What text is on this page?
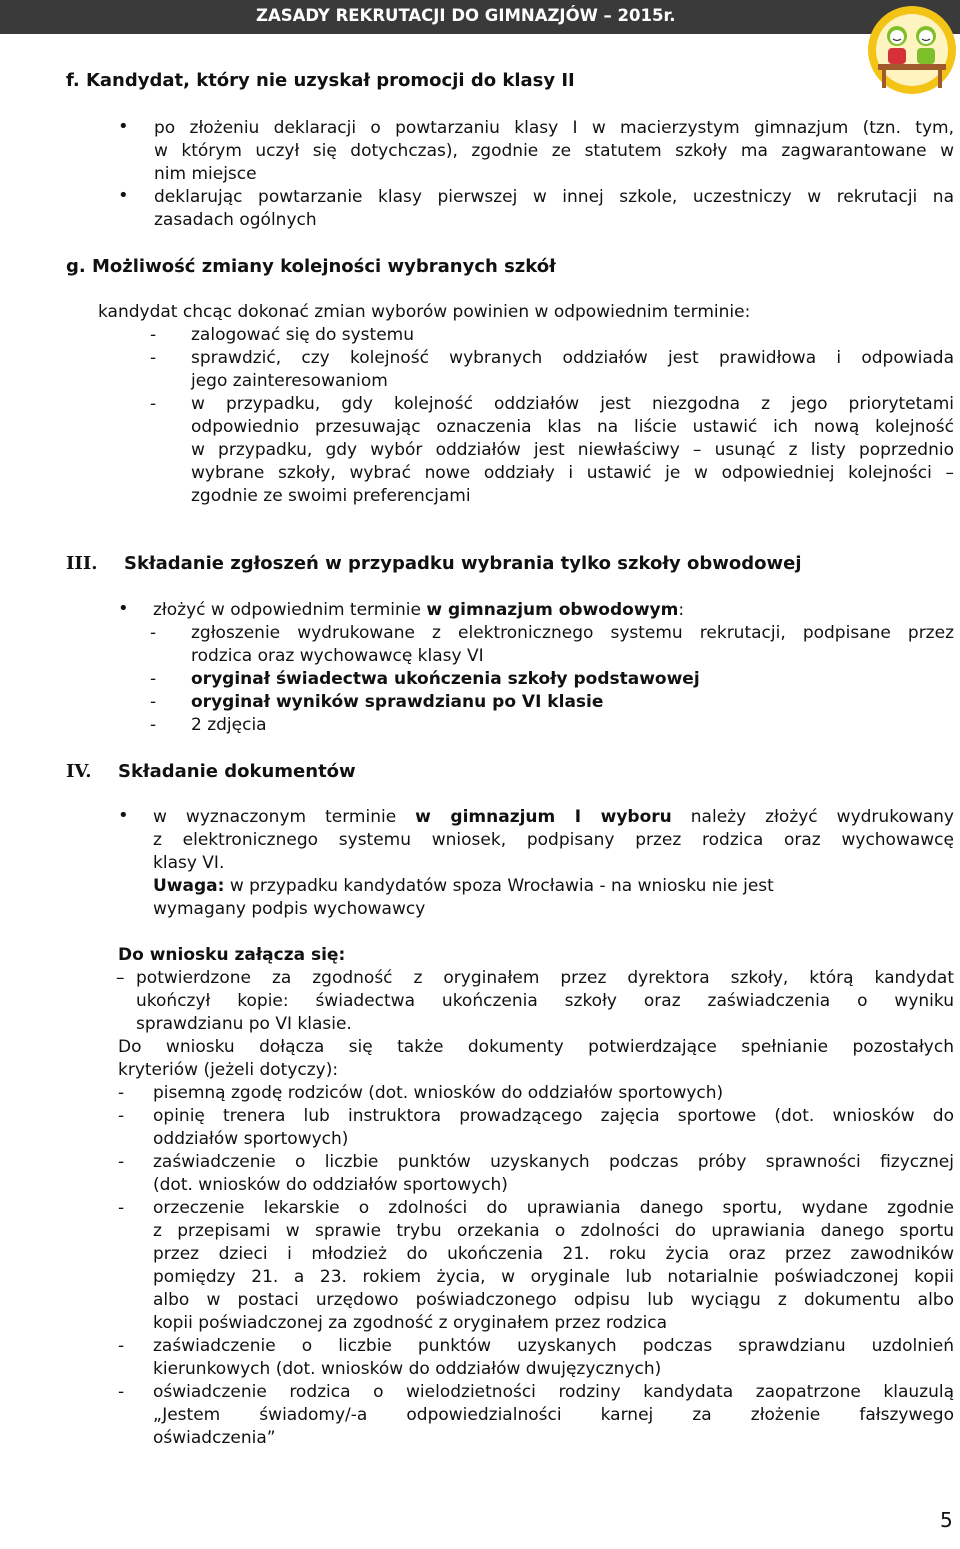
ZASADY REKRUTACJI DO GIMNAZJÓW – 2015r.
f. Kandydat, który nie uzyskał promocji do klasy II
• po złożeniu deklaracji o powtarzaniu klasy I w macierzystym gimnazjum (tzn. tym,
w którym uczył się dotychczas), zgodnie ze statutem szkoły ma zagwarantowane w
nim miejsce
• deklarując powtarzanie klasy pierwszej w innej szkole, uczestniczy w rekrutacji na
zasadach ogólnych
g. Możliwość zmiany kolejności wybranych szkół
kandydat chcąc dokonać zmian wyborów powinien w odpowiednim terminie:
- zalogować się do systemu
- sprawdzić, czy kolejność wybranych oddziałów jest prawidłowa i odpowiada
jego zainteresowaniom
- w przypadku, gdy kolejność oddziałów jest niezgodna z jego priorytetami
odpowiednio przesuwając oznaczenia klas na liście ustawić ich nową kolejność
w przypadku, gdy wybór oddziałów jest niewłaściwy – usunąć z listy poprzednio
wybrane szkoły, wybrać nowe oddziały i ustawić je w odpowiedniej kolejności –
zgodnie ze swoimi preferencjami
III. Składanie zgłoszeń w przypadku wybrania tylko szkoły obwodowej
• złożyć w odpowiednim terminie w gimnazjum obwodowym:
- zgłoszenie wydrukowane z elektronicznego systemu rekrutacji, podpisane przez
rodzica oraz wychowawcę klasy VI
- oryginał świadectwa ukończenia szkoły podstawowej
- oryginał wyników sprawdzianu po VI klasie
- 2 zdjęcia
IV. Składanie dokumentów
• w wyznaczonym terminie w gimnazjum I wyboru należy złożyć wydrukowany
z elektronicznego systemu wniosek, podpisany przez rodzica oraz wychowawcę
klasy VI.
Uwaga: w przypadku kandydatów spoza Wrocławia - na wniosku nie jest
wymagany podpis wychowawcy
Do wniosku załącza się:
– potwierdzone za zgodność z oryginałem przez dyrektora szkoły, którą kandydat
ukończył kopie: świadectwa ukończenia szkoły oraz zaświadczenia o wyniku
sprawdzianu po VI klasie.
Do wniosku dołącza się także dokumenty potwierdzające spełnianie pozostałych
kryteriów (jeżeli dotyczy):
- pisemną zgodę rodziców (dot. wniosków do oddziałów sportowych)
- opinię trenera lub instruktora prowadzącego zajęcia sportowe (dot. wniosków do
oddziałów sportowych)
- zaświadczenie o liczbie punktów uzyskanych podczas próby sprawności fizycznej
(dot. wniosków do oddziałów sportowych)
- orzeczenie lekarskie o zdolności do uprawiania danego sportu, wydane zgodnie
z przepisami w sprawie trybu orzekania o zdolności do uprawiania danego sportu
przez dzieci i młodzież do ukończenia 21. roku życia oraz przez zawodników
pomiędzy 21. a 23. rokiem życia, w oryginale lub notarialnie poświadczonej kopii
albo w postaci urzędowo poświadczonego odpisu lub wyciągu z dokumentu albo
kopii poświadczonej za zgodność z oryginałem przez rodzica
- zaświadczenie o liczbie punktów uzyskanych podczas sprawdzianu uzdolnień
kierunkowych (dot. wniosków do oddziałów dwujęzycznych)
- oświadczenie rodzica o wielodzietności rodziny kandydata zaopatrzone klauzulą
„Jestem świadomy/-a odpowiedzialności karnej za złożenie fałszywego
oświadczenia”
5
